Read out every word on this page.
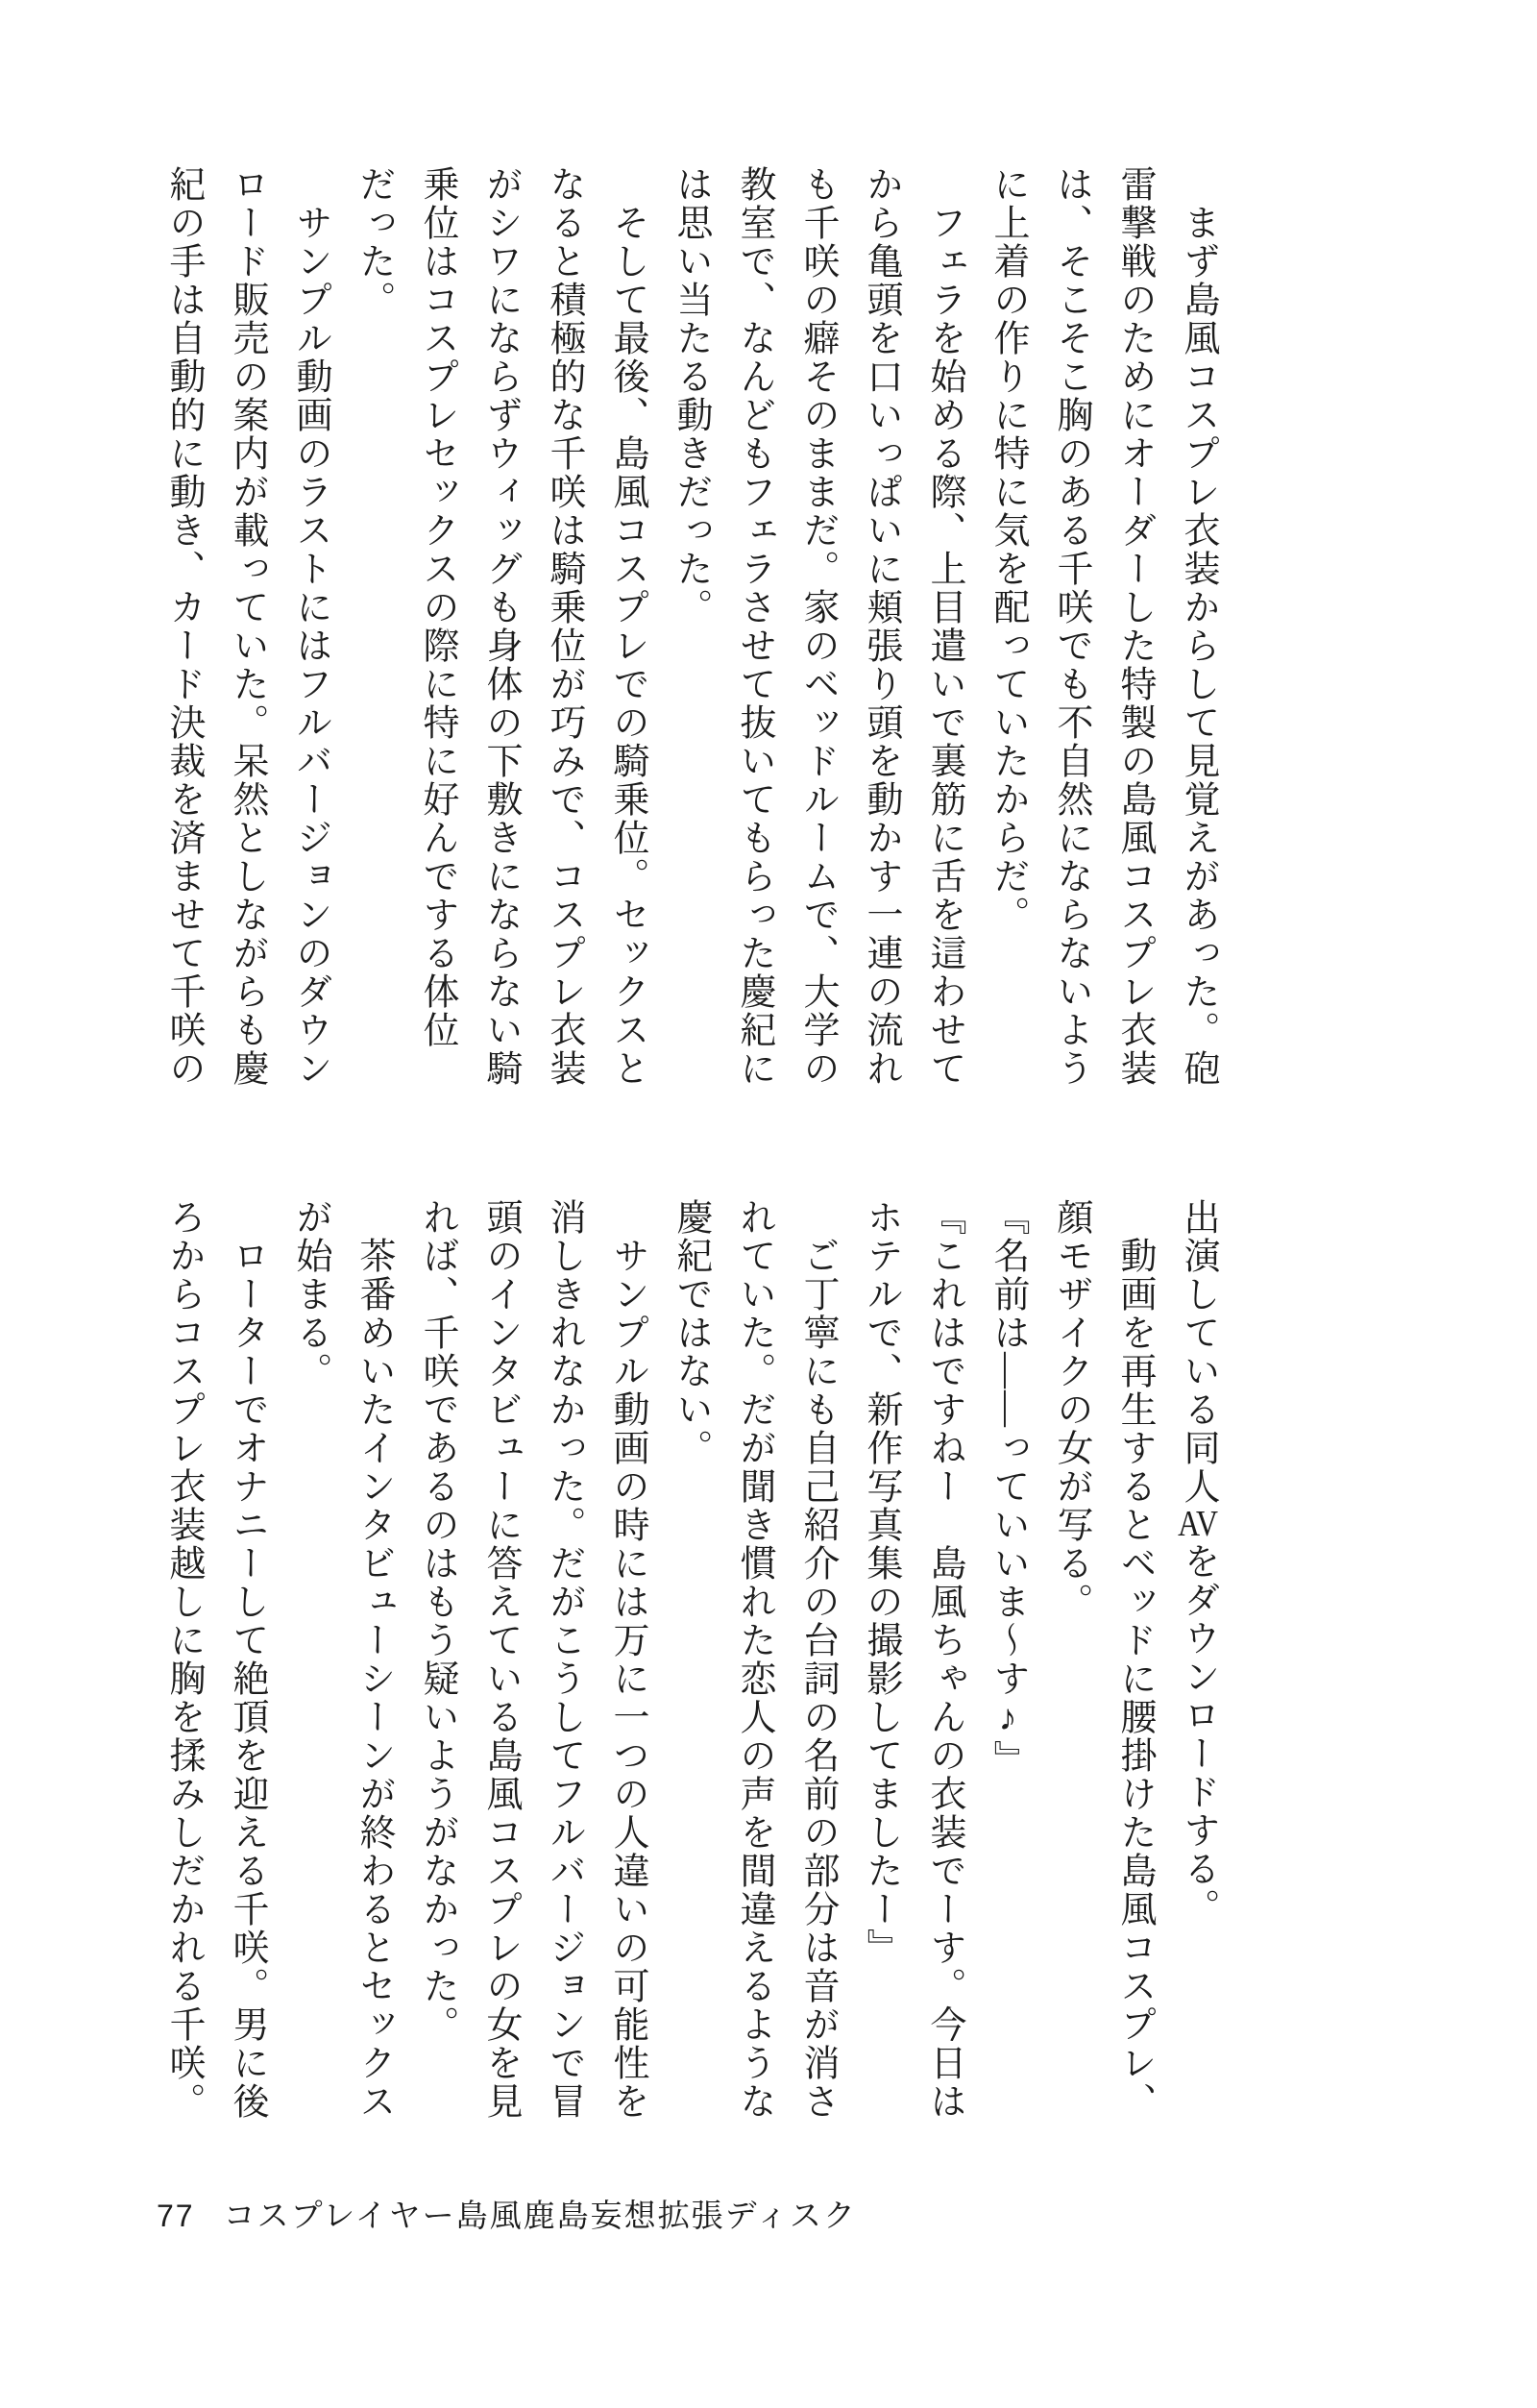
　まず島風コスプレ衣装からして見覚えがあった。砲
雷撃戦のためにオーダーした特製の島風コスプレ衣装
は、そこそこ胸のある千咲でも不自然にならないよう
に上着の作りに特に気を配っていたからだ。
　フェラを始める際、上目遣いで裏筋に舌を這わせて
から亀頭を口いっぱいに頬張り頭を動かす一連の流れ
も千咲の癖そのままだ。家のベッドルームで、大学の
教室で、なんどもフェラさせて抜いてもらった慶紀に
は思い当たる動きだった。
　そして最後、島風コスプレでの騎乗位。セックスと
なると積極的な千咲は騎乗位が巧みで、コスプレ衣装
がシワにならずウィッグも身体の下敷きにならない騎
乗位はコスプレセックスの際に特に好んでする体位
だった。
　サンプル動画のラストにはフルバージョンのダウン
ロード販売の案内が載っていた。呆然としながらも慶
紀の手は自動的に動き、カード決裁を済ませて千咲の
出演している同人AVをダウンロードする。
　動画を再生するとベッドに腰掛けた島風コスプレ、
顔モザイクの女が写る。
『名前は――っていいま～す♪』
『これはですねー　島風ちゃんの衣装でーす。今日は
ホテルで、新作写真集の撮影してましたー』
　ご丁寧にも自己紹介の台詞の名前の部分は音が消さ
れていた。だが聞き慣れた恋人の声を間違えるような
慶紀ではない。
　サンプル動画の時には万に一つの人違いの可能性を
消しきれなかった。だがこうしてフルバージョンで冒
頭のインタビューに答えている島風コスプレの女を見
れば、千咲であるのはもう疑いようがなかった。
　茶番めいたインタビューシーンが終わるとセックス
が始まる。
　ローターでオナニーして絶頂を迎える千咲。男に後
ろからコスプレ衣装越しに胸を揉みしだかれる千咲。
77 コスプレイヤー島風鹿島妄想拡張ディスク
